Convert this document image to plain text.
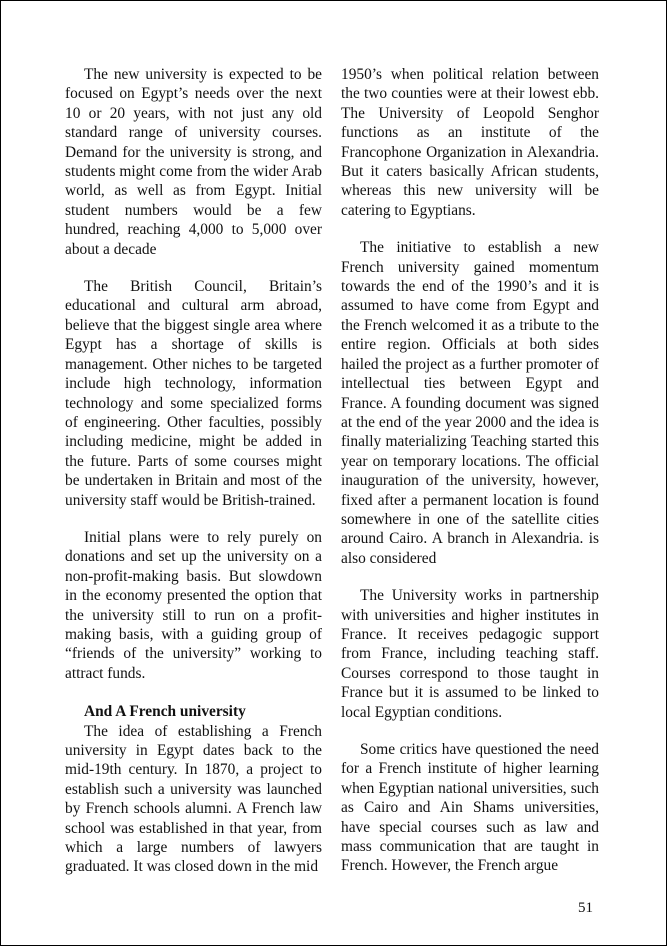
The new university is expected to be focused on Egypt’s needs over the next 10 or 20 years, with not just any old standard range of university courses. Demand for the university is strong, and students might come from the wider Arab world, as well as from Egypt. Initial student numbers would be a few hundred, reaching 4,000 to 5,000 over about a decade

The British Council, Britain’s educational and cultural arm abroad, believe that the biggest single area where Egypt has a shortage of skills is management. Other niches to be targeted include high technology, information technology and some specialized forms of engineering. Other faculties, possibly including medicine, might be added in the future. Parts of some courses might be undertaken in Britain and most of the university staff would be British-trained.

Initial plans were to rely purely on donations and set up the university on a non-profit-making basis. But slowdown in the economy presented the option that the university still to run on a profit-making basis, with a guiding group of “friends of the university” working to attract funds.

And A French university

The idea of establishing a French university in Egypt dates back to the mid-19th century. In 1870, a project to establish such a university was launched by French schools alumni. A French law school was established in that year, from which a large numbers of lawyers graduated. It was closed down in the mid

1950’s when political relation between the two counties were at their lowest ebb. The University of Leopold Senghor functions as an institute of the Francophone Organization in Alexandria. But it caters basically African students, whereas this new university will be catering to Egyptians.

The initiative to establish a new French university gained momentum towards the end of the 1990’s and it is assumed to have come from Egypt and the French welcomed it as a tribute to the entire region. Officials at both sides hailed the project as a further promoter of intellectual ties between Egypt and France. A founding document was signed at the end of the year 2000 and the idea is finally materializing Teaching started this year on temporary locations. The official inauguration of the university, however, fixed after a permanent location is found somewhere in one of the satellite cities around Cairo. A branch in Alexandria. is also considered

The University works in partnership with universities and higher institutes in France. It receives pedagogic support from France, including teaching staff. Courses correspond to those taught in France but it is assumed to be linked to local Egyptian conditions.

Some critics have questioned the need for a French institute of higher learning when Egyptian national universities, such as Cairo and Ain Shams universities, have special courses such as law and mass communication that are taught in French. However, the French argue

51
